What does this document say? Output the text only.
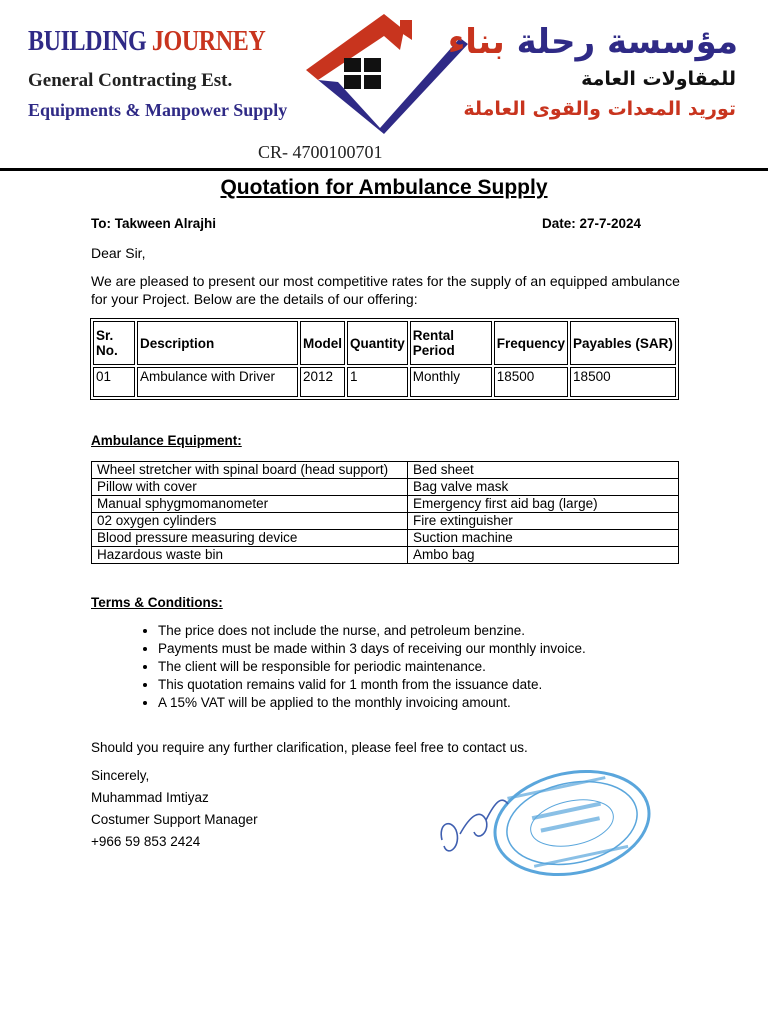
BUILDING JOURNEY
General Contracting Est.
Equipments & Manpower Supply
مؤسسة رحلة بناء
للمقاولات العامة
توريد المعدات والقوى العاملة
CR- 4700100701
Quotation for Ambulance Supply
To: Takween Alrajhi	Date: 27-7-2024
Dear Sir,
We are pleased to present our most competitive rates for the supply of an equipped ambulance for your Project. Below are the details of our offering:
Sr. No.	Description	Model	Quantity	Rental Period	Frequency	Payables (SAR)
01	Ambulance with Driver	2012	1	Monthly	18500	18500
Ambulance Equipment:
Wheel stretcher with spinal board (head support)	Bed sheet
Pillow with cover	Bag valve mask
Manual sphygmomanometer	Emergency first aid bag (large)
02 oxygen cylinders	Fire extinguisher
Blood pressure measuring device	Suction machine
Hazardous waste bin	Ambo bag
Terms & Conditions:
• The price does not include the nurse, and petroleum benzine.
• Payments must be made within 3 days of receiving our monthly invoice.
• The client will be responsible for periodic maintenance.
• This quotation remains valid for 1 month from the issuance date.
• A 15% VAT will be applied to the monthly invoicing amount.
Should you require any further clarification, please feel free to contact us.
Sincerely,
Muhammad Imtiyaz
Costumer Support Manager
+966 59 853 2424
